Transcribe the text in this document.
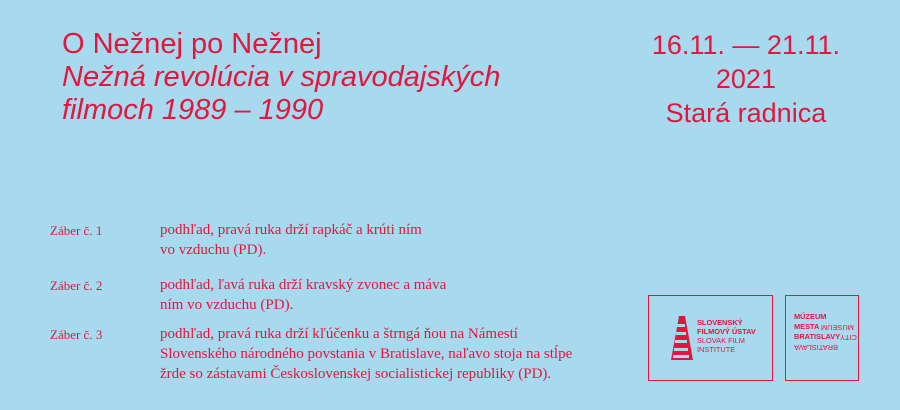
O Nežnej po Nežnej
Nežná revolúcia v spravodajských
filmoch 1989 – 1990
16.11. — 21.11.
2021
Stará radnica
Záber č. 1	podhľad, pravá ruka drží rapkáč a krúti ním
vo vzduchu (PD).
Záber č. 2	podhľad, ľavá ruka drží kravský zvonec a máva
ním vo vzduchu (PD).
Záber č. 3	podhľad, pravá ruka drží kľúčenku a štrngá ňou na Námestí
Slovenského národného povstania v Bratislave, naľavo stoja na stĺpe
žrde so zástavami Československej socialistickej republiky (PD).
SLOVENSKÝ
FILMOVÝ ÚSTAV
SLOVAK FILM
INSTITUTE
MÚZEUM
MESTA MUSEUM
BRATISLAVYCITY
BRATISLAVA
